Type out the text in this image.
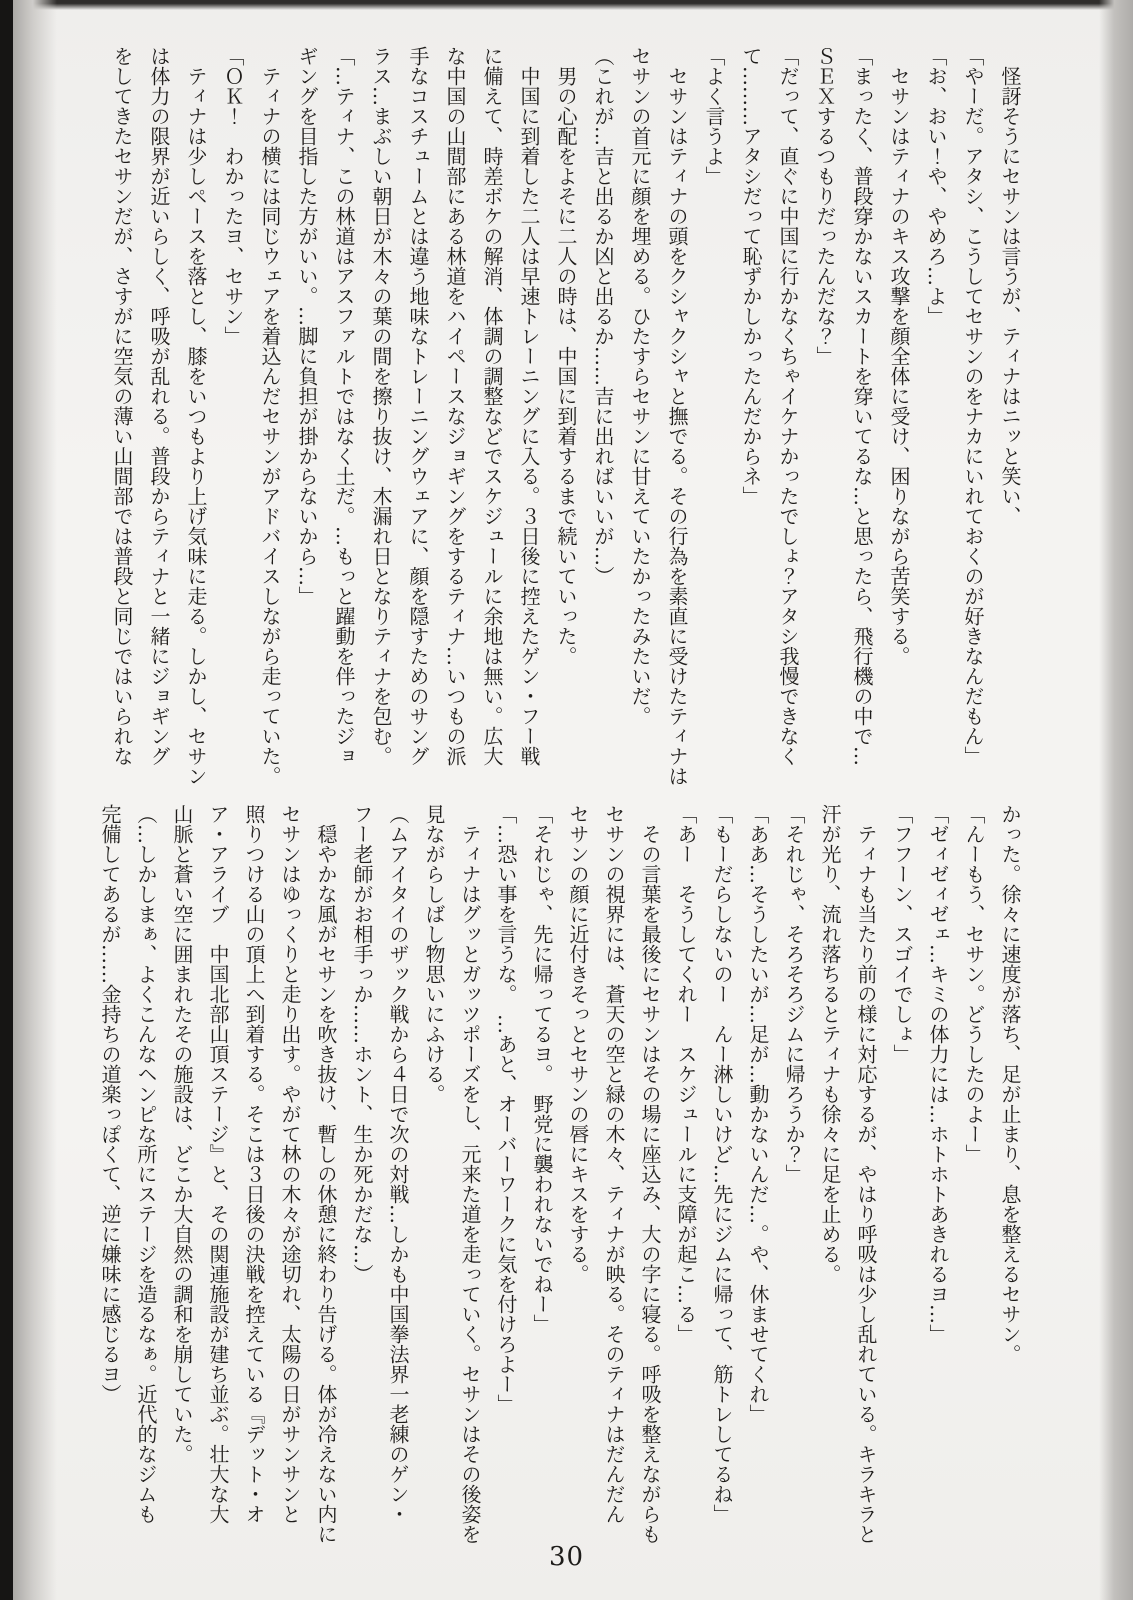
　怪訝そうにセサンは言うが、ティナはニッと笑い、

「やーだ。アタシ、こうしてセサンのをナカにいれておくのが好きなんだもん」

「お、おい！や、やめろ…よ」

　セサンはティナのキス攻撃を顔全体に受け、困りながら苦笑する。

「まったく、普段穿かないスカートを穿いてるな…と思ったら、飛行機の中で…

ＳＥＸするつもりだったんだな？」

「だって、直ぐに中国に行かなくちゃイケナかったでしょ？アタシ我慢できなく

て………アタシだって恥ずかしかったんだからネ」

「よく言うよ」

　セサンはティナの頭をクシャクシャと撫でる。その行為を素直に受けたティナは

セサンの首元に顔を埋める。ひたすらセサンに甘えていたかったみたいだ。

（これが…吉と出るか凶と出るか……吉に出ればいいが…）

　男の心配をよそに二人の時は、中国に到着するまで続いていった。

　中国に到着した二人は早速トレーニングに入る。３日後に控えたゲン・フー戦

に備えて、時差ボケの解消、体調の調整などでスケジュールに余地は無い。広大

な中国の山間部にある林道をハイペースなジョギングをするティナ…いつもの派

手なコスチュームとは違う地味なトレーニングウェアに、顔を隠すためのサング

ラス…まぶしい朝日が木々の葉の間を擦り抜け、木漏れ日となりティナを包む。

「…ティナ、この林道はアスファルトではなく土だ。…もっと躍動を伴ったジョ

ギングを目指した方がいい。…脚に負担が掛からないから…」

　ティナの横には同じウェアを着込んだセサンがアドバイスしながら走っていた。

「ＯＫ！　わかったヨ、セサン」

　ティナは少しペースを落とし、膝をいつもより上げ気味に走る。しかし、セサン

は体力の限界が近いらしく、呼吸が乱れる。普段からティナと一緒にジョギング

をしてきたセサンだが、さすがに空気の薄い山間部では普段と同じではいられな

かった。徐々に速度が落ち、足が止まり、息を整えるセサン。

「んーもう、セサン。どうしたのよー」

「ゼィゼィゼェ…キミの体力には…ホトホトあきれるヨ…」

「フフーン、スゴイでしょ」

　ティナも当たり前の様に対応するが、やはり呼吸は少し乱れている。キラキラと

汗が光り、流れ落ちるとティナも徐々に足を止める。

「それじゃ、そろそろジムに帰ろうか？」

「ああ…そうしたいが…足が…動かないんだ…。や、休ませてくれ」

「もーだらしないのー　んー淋しいけど…先にジムに帰って、筋トレしてるね」

「あー　そうしてくれー　スケジュールに支障が起こ…る」

　その言葉を最後にセサンはその場に座込み、大の字に寝る。呼吸を整えながらも

セサンの視界には、蒼天の空と緑の木々、ティナが映る。そのティナはだんだん

セサンの顔に近付きそっとセサンの唇にキスをする。

「それじゃ、先に帰ってるヨ。　野党に襲われないでねー」

「…恐い事を言うな。　…あと、オーバーワークに気を付けろよー」

　ティナはグッとガッツポーズをし、元来た道を走っていく。セサンはその後姿を

見ながらしばし物思いにふける。

（ムアイタイのザック戦から４日で次の対戦…しかも中国拳法界一老練のゲン・

フー老師がお相手っか……ホント、生か死かだな…）

　穏やかな風がセサンを吹き抜け、暫しの休憩に終わり告げる。体が冷えない内に

セサンはゆっくりと走り出す。やがて林の木々が途切れ、太陽の日がサンサンと

照りつける山の頂上へ到着する。そこは３日後の決戦を控えている『デット・オ

ア・アライブ　中国北部山頂ステージ』と、その関連施設が建ち並ぶ。壮大な大

山脈と蒼い空に囲まれたその施設は、どこか大自然の調和を崩していた。

（…しかしまぁ、よくこんなヘンピな所にステージを造るなぁ。近代的なジムも

完備してあるが……金持ちの道楽っぽくて、逆に嫌味に感じるヨ）

30
